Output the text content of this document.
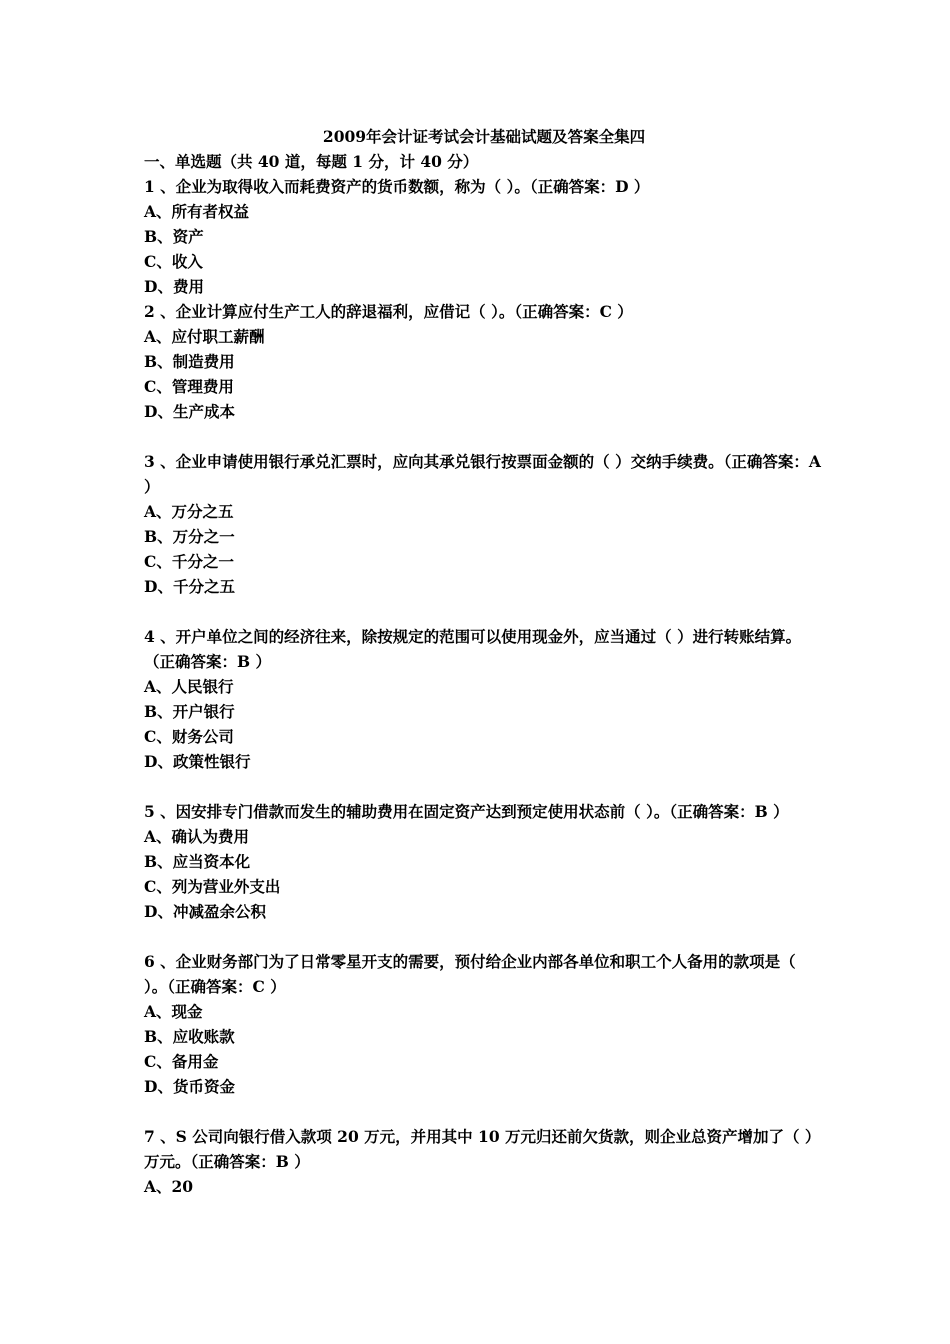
2009年会计证考试会计基础试题及答案全集四
一、单选题（共 40 道，每题 1 分，计 40 分）
1 、企业为取得收入而耗费资产的货币数额，称为（ ）。（正确答案：D ）
A、所有者权益
B、资产
C、收入
D、费用
2 、企业计算应付生产工人的辞退福利，应借记（ ）。（正确答案：C ）
A、应付职工薪酬
B、制造费用
C、管理费用
D、生产成本
3 、企业申请使用银行承兑汇票时，应向其承兑银行按票面金额的（ ）交纳手续费。（正确答案：A ）
A、万分之五
B、万分之一
C、千分之一
D、千分之五
4 、开户单位之间的经济往来，除按规定的范围可以使用现金外，应当通过（ ）进行转账结算。（正确答案：B ）
A、人民银行
B、开户银行
C、财务公司
D、政策性银行
5 、因安排专门借款而发生的辅助费用在固定资产达到预定使用状态前（ ）。（正确答案：B ）
A、确认为费用
B、应当资本化
C、列为营业外支出
D、冲减盈余公积
6 、企业财务部门为了日常零星开支的需要，预付给企业内部各单位和职工个人备用的款项是（ ）。（正确答案：C ）
A、现金
B、应收账款
C、备用金
D、货币资金
7 、S 公司向银行借入款项 20 万元，并用其中 10 万元归还前欠货款，则企业总资产增加了（ ）万元。（正确答案：B ）
A、20
